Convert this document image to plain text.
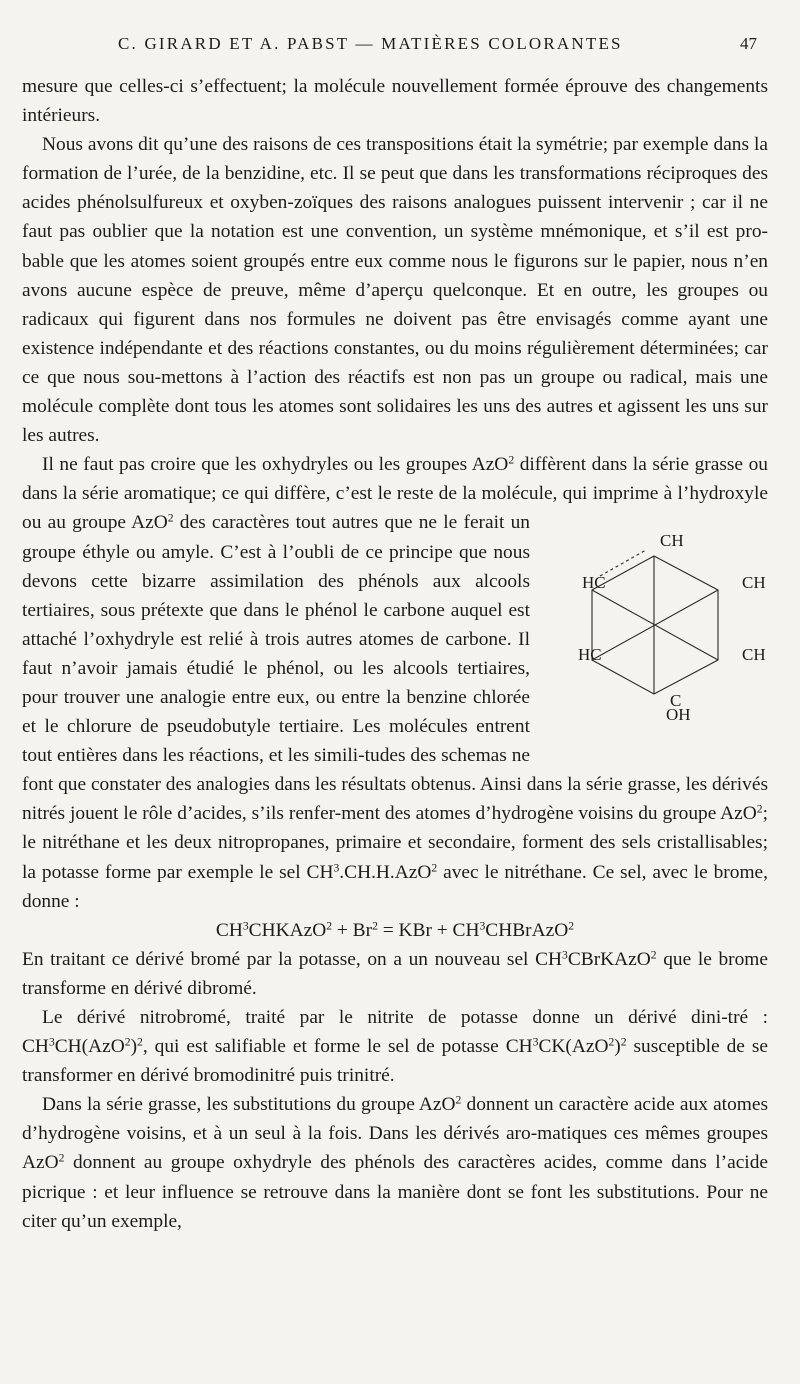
C. GIRARD ET A. PABST — MATIÈRES COLORANTES	47

mesure que celles-ci s’effectuent; la molécule nouvellement formée éprouve des changements intérieurs.

Nous avons dit qu’une des raisons de ces transpositions était la symétrie; par exemple dans la formation de l’urée, de la benzidine, etc. Il se peut que dans les transformations réciproques des acides phénolsulfureux et oxyben-zoïques des raisons analogues puissent intervenir ; car il ne faut pas oublier que la notation est une convention, un système mnémonique, et s’il est pro-bable que les atomes soient groupés entre eux comme nous le figurons sur le papier, nous n’en avons aucune espèce de preuve, même d’aperçu quelconque. Et en outre, les groupes ou radicaux qui figurent dans nos formules ne doivent pas être envisagés comme ayant une existence indépendante et des réactions constantes, ou du moins régulièrement déterminées; car ce que nous sou-mettons à l’action des réactifs est non pas un groupe ou radical, mais une molécule complète dont tous les atomes sont solidaires les uns des autres et agissent les uns sur les autres.

Il ne faut pas croire que les oxhydryles ou les groupes AzO$^2$ diffèrent dans la série grasse ou dans la série aromatique; ce qui diffère, c’est le reste de la molécule, qui imprime à l’hydroxyle ou au groupe AzO$^2$
CH
HC	CH
HC	CH
C
OH
des caractères tout autres que ne le ferait un groupe éthyle ou amyle. C’est à l’oubli de ce principe que nous devons cette bizarre assimilation des phénols aux alcools tertiaires, sous prétexte que dans le phénol le carbone auquel est attaché l’oxhydryle est relié à trois autres atomes de carbone. Il faut n’avoir jamais étudié le phénol, ou les alcools tertiaires, pour trouver une analogie entre eux, ou entre la benzine chlorée et le chlorure de pseudobutyle tertiaire. Les molécules entrent tout entières dans les réactions, et les simili-tudes des schemas ne font que constater des analogies dans les résultats obtenus. Ainsi dans la série grasse, les dérivés nitrés jouent le rôle d’acides, s’ils renfer-ment des atomes d’hydrogène voisins du groupe AzO$^2$; le nitréthane et les deux nitropropanes, primaire et secondaire, forment des sels cristallisables; la potasse forme par exemple le sel $CH^3.CH.H.AzO^2$ avec le nitréthane. Ce sel, avec le brome, donne :

$CH^3CHKAzO^2 + Br^2$ = KBr + $CH^3CHBrAzO^2$

En traitant ce dérivé bromé par la potasse, on a un nouveau sel $CH^3CBrKAzO^2$ que le brome transforme en dérivé dibromé.

Le dérivé nitrobromé, traité par le nitrite de potasse donne un dérivé dini-tré : $CH^3CH(AzO^2)^2$, qui est salifiable et forme le sel de potasse $CH^3CK(AzO^2)^2$ susceptible de se transformer en dérivé bromodinitré puis trinitré.

Dans la série grasse, les substitutions du groupe AzO$^2$ donnent un caractère acide aux atomes d’hydrogène voisins, et à un seul à la fois. Dans les dérivés aro-matiques ces mêmes groupes AzO$^2$ donnent au groupe oxhydryle des phénols des caractères acides, comme dans l’acide picrique : et leur influence se retrouve dans la manière dont se font les substitutions. Pour ne citer qu’un exemple,
